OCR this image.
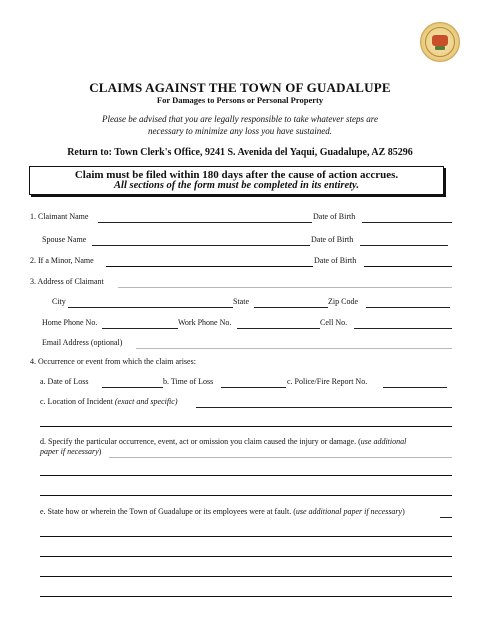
CLAIMS AGAINST THE TOWN OF GUADALUPE
For Damages to Persons or Personal Property
Please be advised that you are legally responsible to take whatever steps are
necessary to minimize any loss you have sustained.
Return to: Town Clerk's Office, 9241 S. Avenida del Yaqui, Guadalupe, AZ 85296
Claim must be filed within 180 days after the cause of action accrues.
All sections of the form must be completed in its entirety.
1. Claimant Name	Date of Birth
Spouse Name	Date of Birth
2. If a Minor, Name	Date of Birth
3. Address of Claimant
City	State	Zip Code
Home Phone No.	Work Phone No.	Cell No.
Email Address (optional)
4. Occurrence or event from which the claim arises:
a. Date of Loss	b. Time of Loss	c. Police/Fire Report No.
c. Location of Incident (exact and specific)
d. Specify the particular occurrence, event, act or omission you claim caused the injury or damage. (use additional
paper if necessary)
e. State how or wherein the Town of Guadalupe or its employees were at fault. (use additional paper if necessary)
